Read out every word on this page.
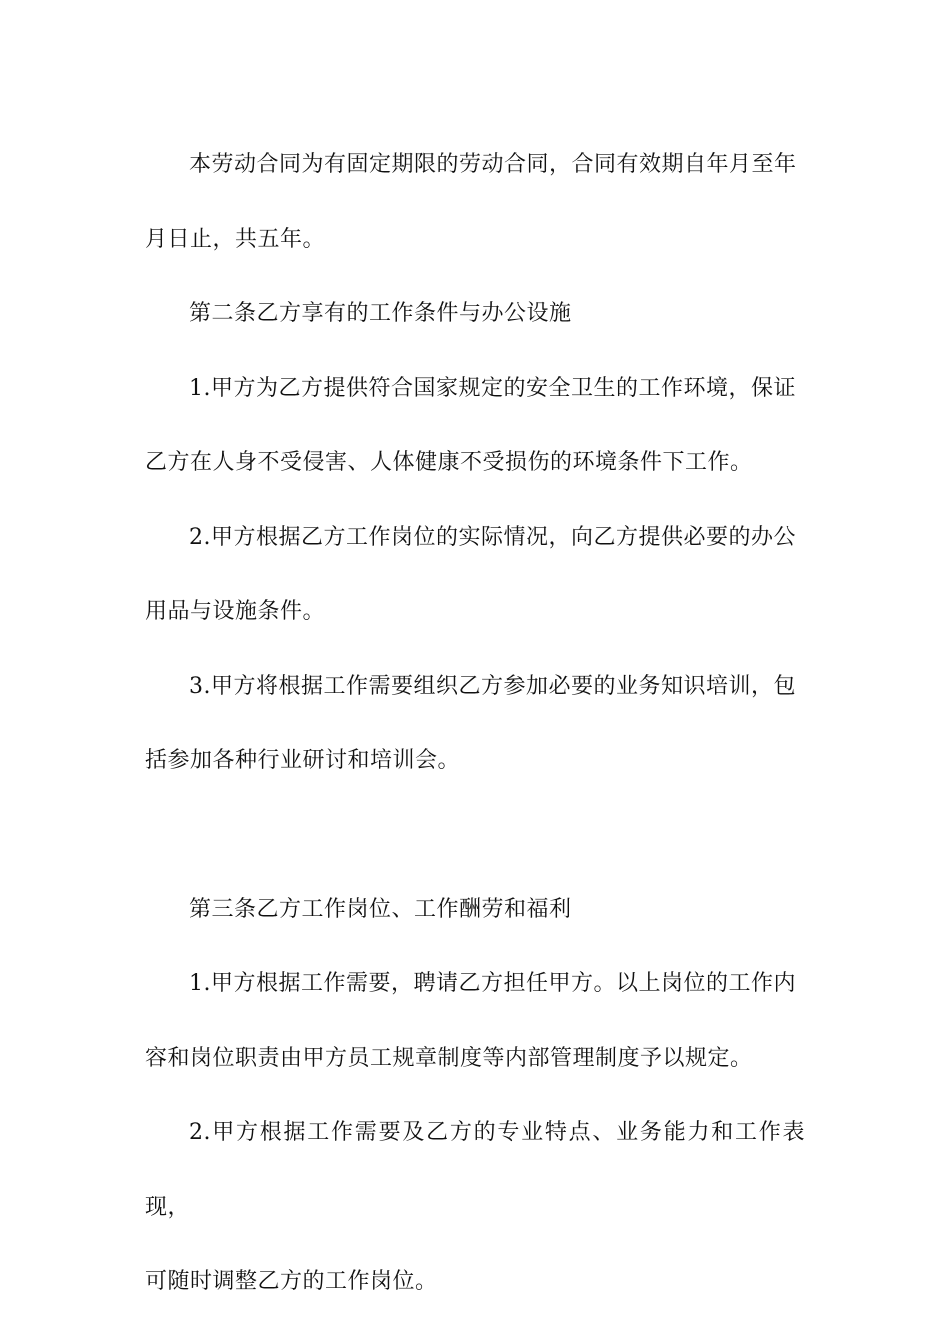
本劳动合同为有固定期限的劳动合同，合同有效期自年月至年
月日止，共五年。

第二条乙方享有的工作条件与办公设施

1.甲方为乙方提供符合国家规定的安全卫生的工作环境，保证
乙方在人身不受侵害、人体健康不受损伤的环境条件下工作。

2.甲方根据乙方工作岗位的实际情况，向乙方提供必要的办公
用品与设施条件。

3.甲方将根据工作需要组织乙方参加必要的业务知识培训，包
括参加各种行业研讨和培训会。

第三条乙方工作岗位、工作酬劳和福利

1.甲方根据工作需要，聘请乙方担任甲方。以上岗位的工作内
容和岗位职责由甲方员工规章制度等内部管理制度予以规定。

2.甲方根据工作需要及乙方的专业特点、业务能力和工作表现，
可随时调整乙方的工作岗位。
